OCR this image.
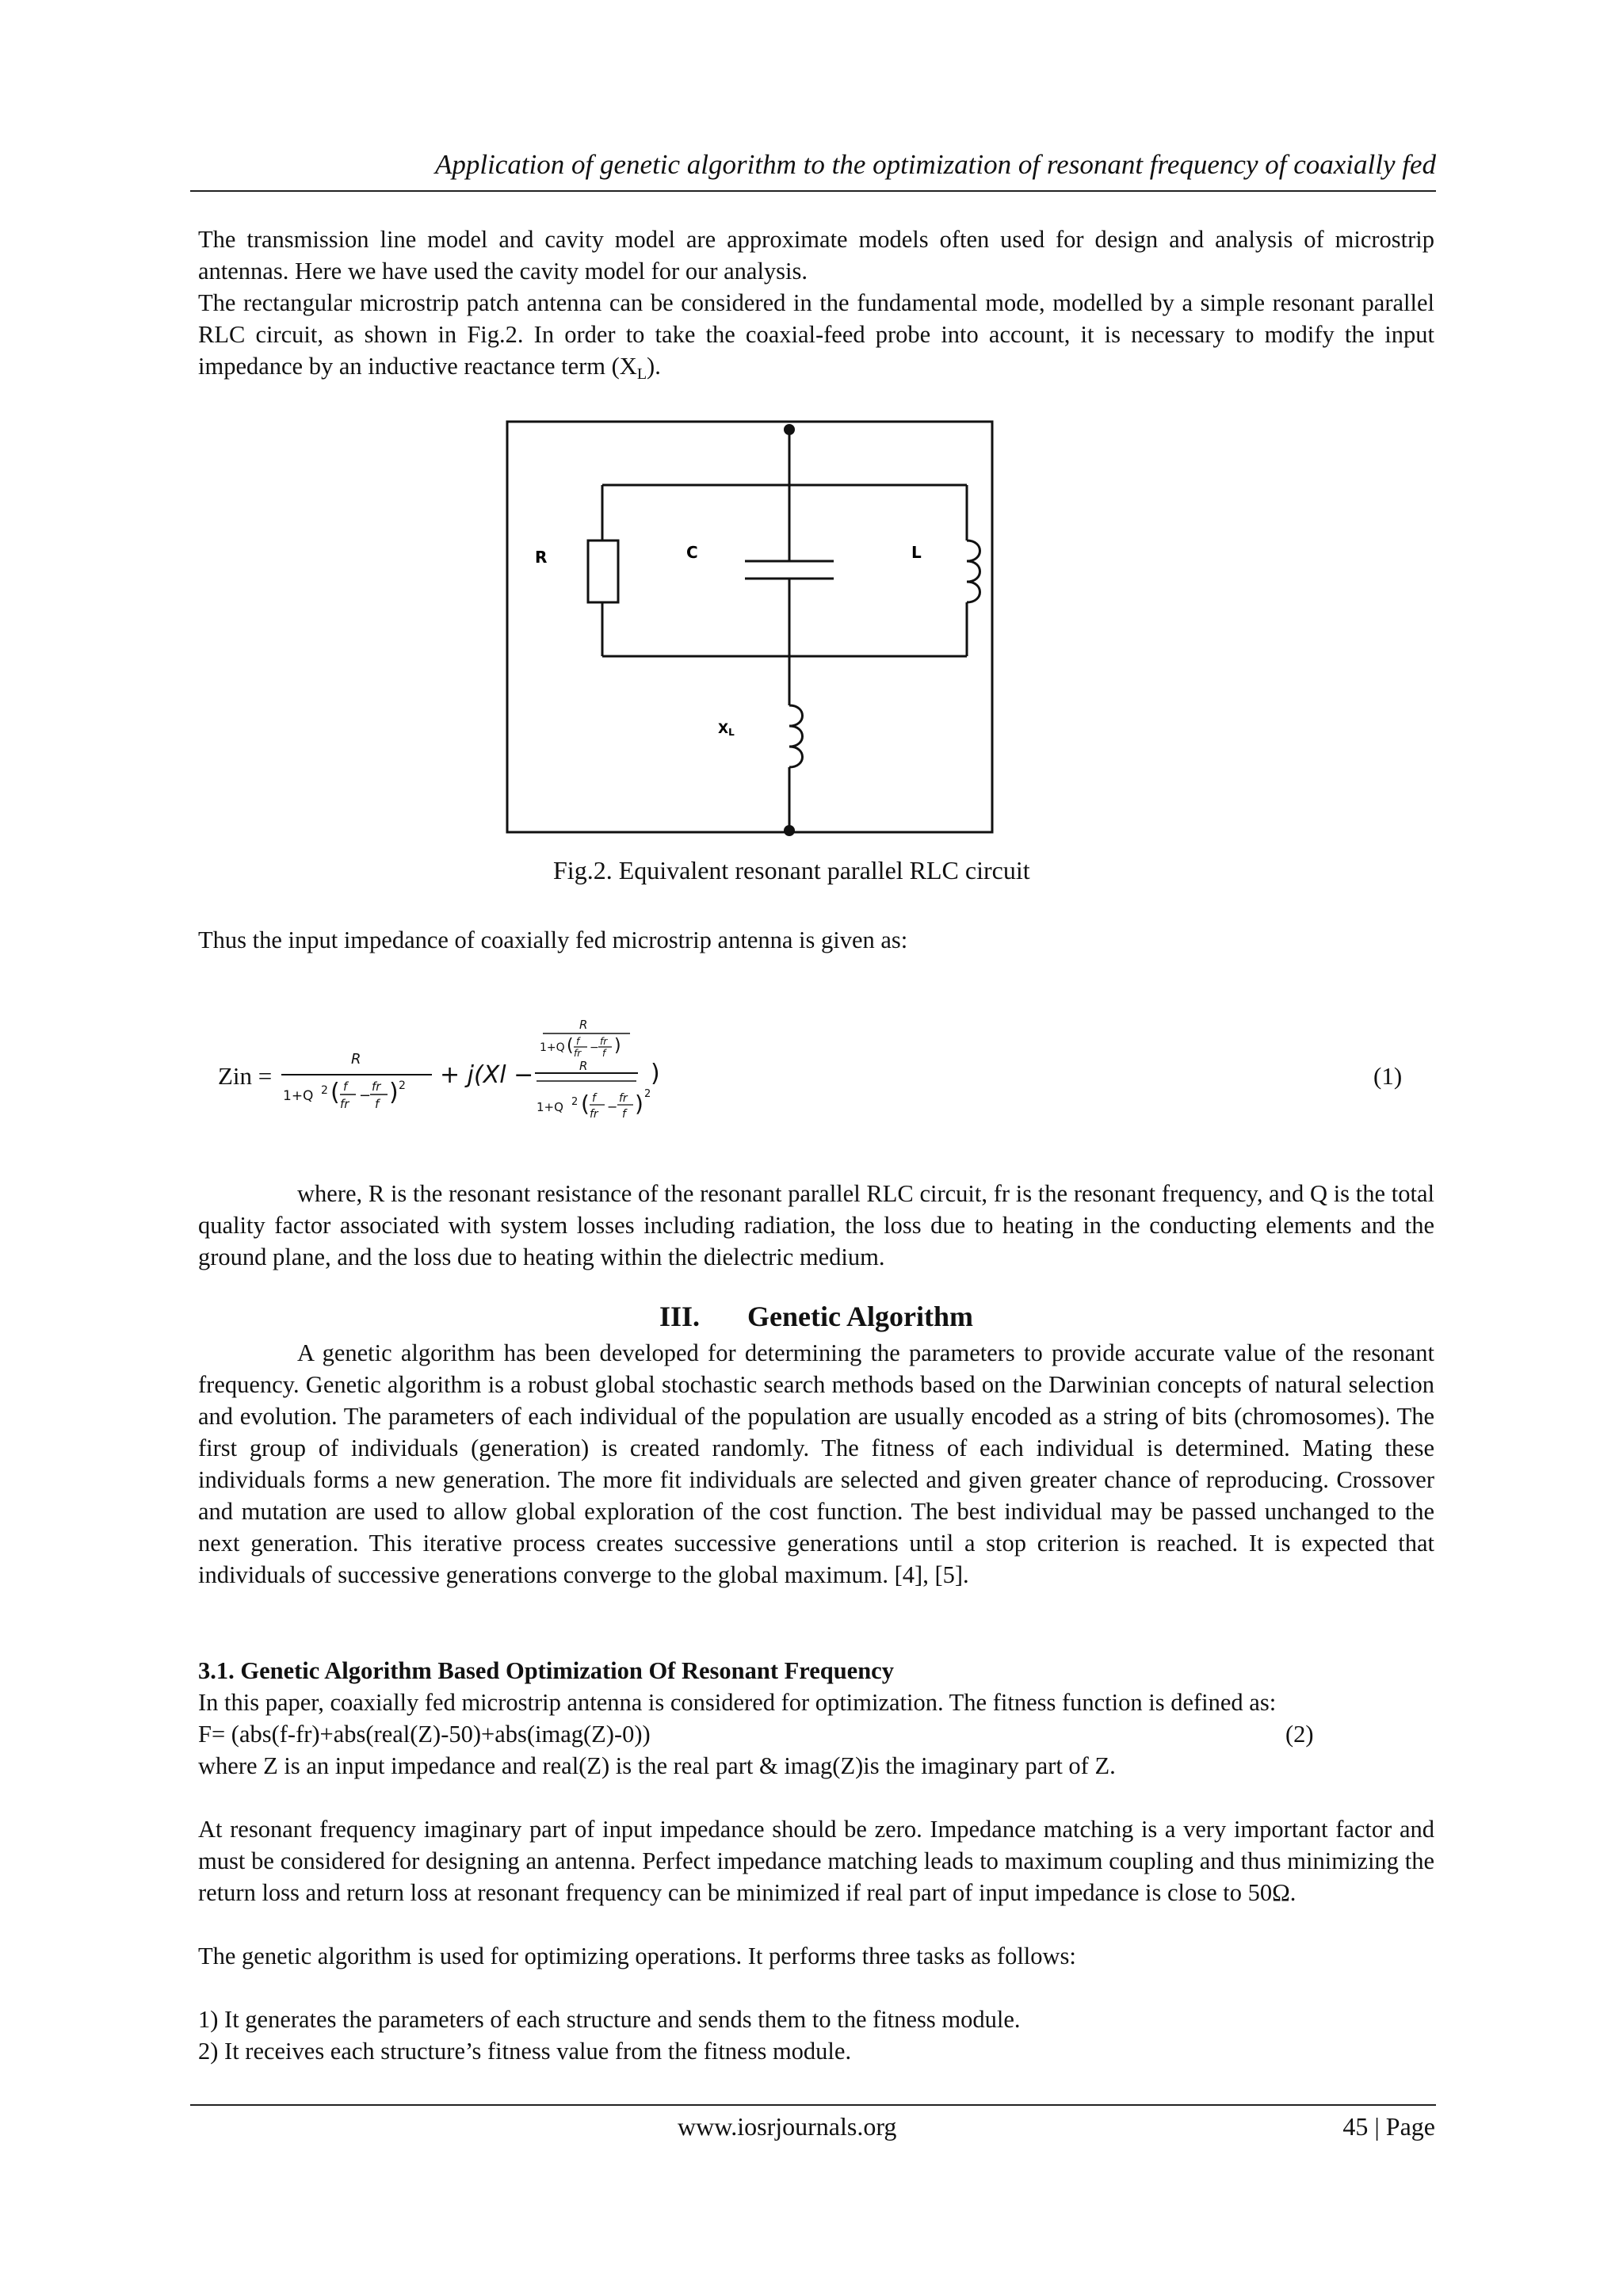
Application of genetic algorithm to the optimization of resonant frequency of coaxially fed
The transmission line model and cavity model are approximate models often used for design and analysis of microstrip antennas. Here we have used the cavity model for our analysis.
The rectangular microstrip patch antenna can be considered in the fundamental mode, modelled by a simple resonant parallel RLC circuit, as shown in Fig.2. In order to take the coaxial-feed probe into account, it is necessary to modify the input impedance by an inductive reactance term $(X_L)$.
R	C	L
XL
Fig.2. Equivalent resonant parallel RLC circuit
Thus the input impedance of coaxially fed microstrip antenna is given as:
Zin =
R
1+Q 2 ( f
fr −
fr
f ) 2 + j(Xl −
R
1+Q ( f
fr − fr
f )
R
1+Q 2 ( f
fr −
fr
f ) 2
)	(1)
where, R is the resonant resistance of the resonant parallel RLC circuit, fr is the resonant frequency, and Q is the total quality factor associated with system losses including radiation, the loss due to heating in the conducting elements and the ground plane, and the loss due to heating within the dielectric medium.
III. Genetic Algorithm
A genetic algorithm has been developed for determining the parameters to provide accurate value of the resonant frequency. Genetic algorithm is a robust global stochastic search methods based on the Darwinian concepts of natural selection and evolution. The parameters of each individual of the population are usually encoded as a string of bits (chromosomes). The first group of individuals (generation) is created randomly. The fitness of each individual is determined. Mating these individuals forms a new generation. The more fit individuals are selected and given greater chance of reproducing. Crossover and mutation are used to allow global exploration of the cost function. The best individual may be passed unchanged to the next generation. This iterative process creates successive generations until a stop criterion is reached. It is expected that individuals of successive generations converge to the global maximum. [4], [5].
3.1. Genetic Algorithm Based Optimization Of Resonant Frequency
In this paper, coaxially fed microstrip antenna is considered for optimization. The fitness function is defined as:
F= (abs(f-fr)+abs(real(Z)-50)+abs(imag(Z)-0))	(2)
where Z is an input impedance and real(Z) is the real part & imag(Z)is the imaginary part of Z.
At resonant frequency imaginary part of input impedance should be zero. Impedance matching is a very important factor and must be considered for designing an antenna. Perfect impedance matching leads to maximum coupling and thus minimizing the return loss and return loss at resonant frequency can be minimized if real part of input impedance is close to 50Ω.
The genetic algorithm is used for optimizing operations. It performs three tasks as follows:
1) It generates the parameters of each structure and sends them to the fitness module.
2) It receives each structure’s fitness value from the fitness module.
www.iosrjournals.org	45 | Page
